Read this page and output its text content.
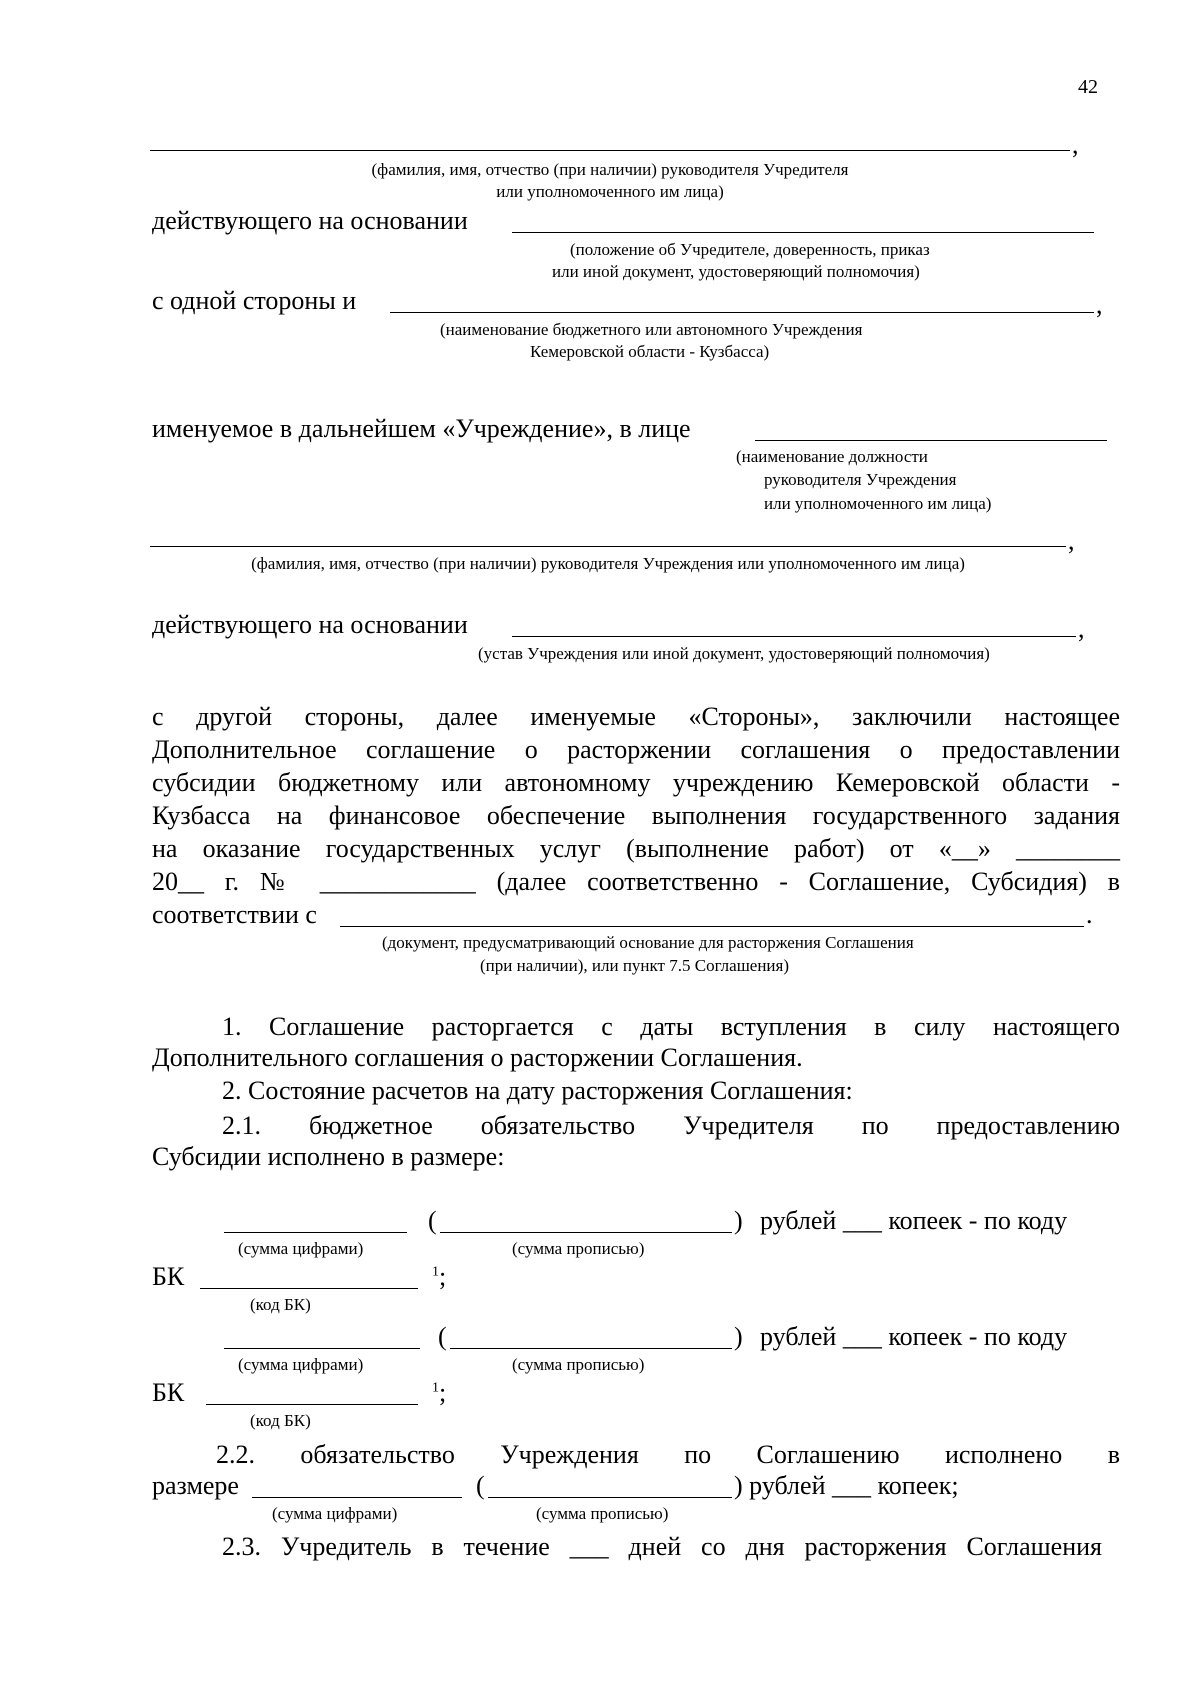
42
,
(фамилия, имя, отчество (при наличии) руководителя Учредителя
или уполномоченного им лица)
действующего на основании
(положение об Учредителе, доверенность, приказ
или иной документ, удостоверяющий полномочия)
с одной стороны и	,
(наименование бюджетного или автономного Учреждения
Кемеровской области - Кузбасса)
именуемое в дальнейшем «Учреждение», в лице
(наименование должности
руководителя Учреждения
или уполномоченного им лица)
,
(фамилия, имя, отчество (при наличии) руководителя Учреждения или уполномоченного им лица)
действующего на основании	,
(устав Учреждения или иной документ, удостоверяющий полномочия)
с другой стороны, далее именуемые «Стороны», заключили настоящее
Дополнительное соглашение о расторжении соглашения о предоставлении
субсидии бюджетному или автономному учреждению Кемеровской области -
Кузбасса на финансовое обеспечение выполнения государственного задания
на оказание государственных услуг (выполнение работ) от «__» ________
20__ г. № ____________ (далее соответственно - Соглашение, Субсидия) в
соответствии с	.
(документ, предусматривающий основание для расторжения Соглашения
(при наличии), или пункт 7.5 Соглашения)
1. Соглашение расторгается с даты вступления в силу настоящего
Дополнительного соглашения о расторжении Соглашения.
2. Состояние расчетов на дату расторжения Соглашения:
2.1. бюджетное обязательство Учредителя по предоставлению
Субсидии исполнено в размере:
(	) рублей ___ копеек - по коду
(сумма цифрами)	(сумма прописью)
БК	$^1$;
(код БК)
(	) рублей ___ копеек - по коду
(сумма цифрами)	(сумма прописью)
БК	$^1$;
(код БК)
2.2. обязательство Учреждения по Соглашению исполнено в
размере	(	) рублей ___ копеек;
(сумма цифрами)	(сумма прописью)
2.3. Учредитель в течение ___ дней со дня расторжения Соглашения
